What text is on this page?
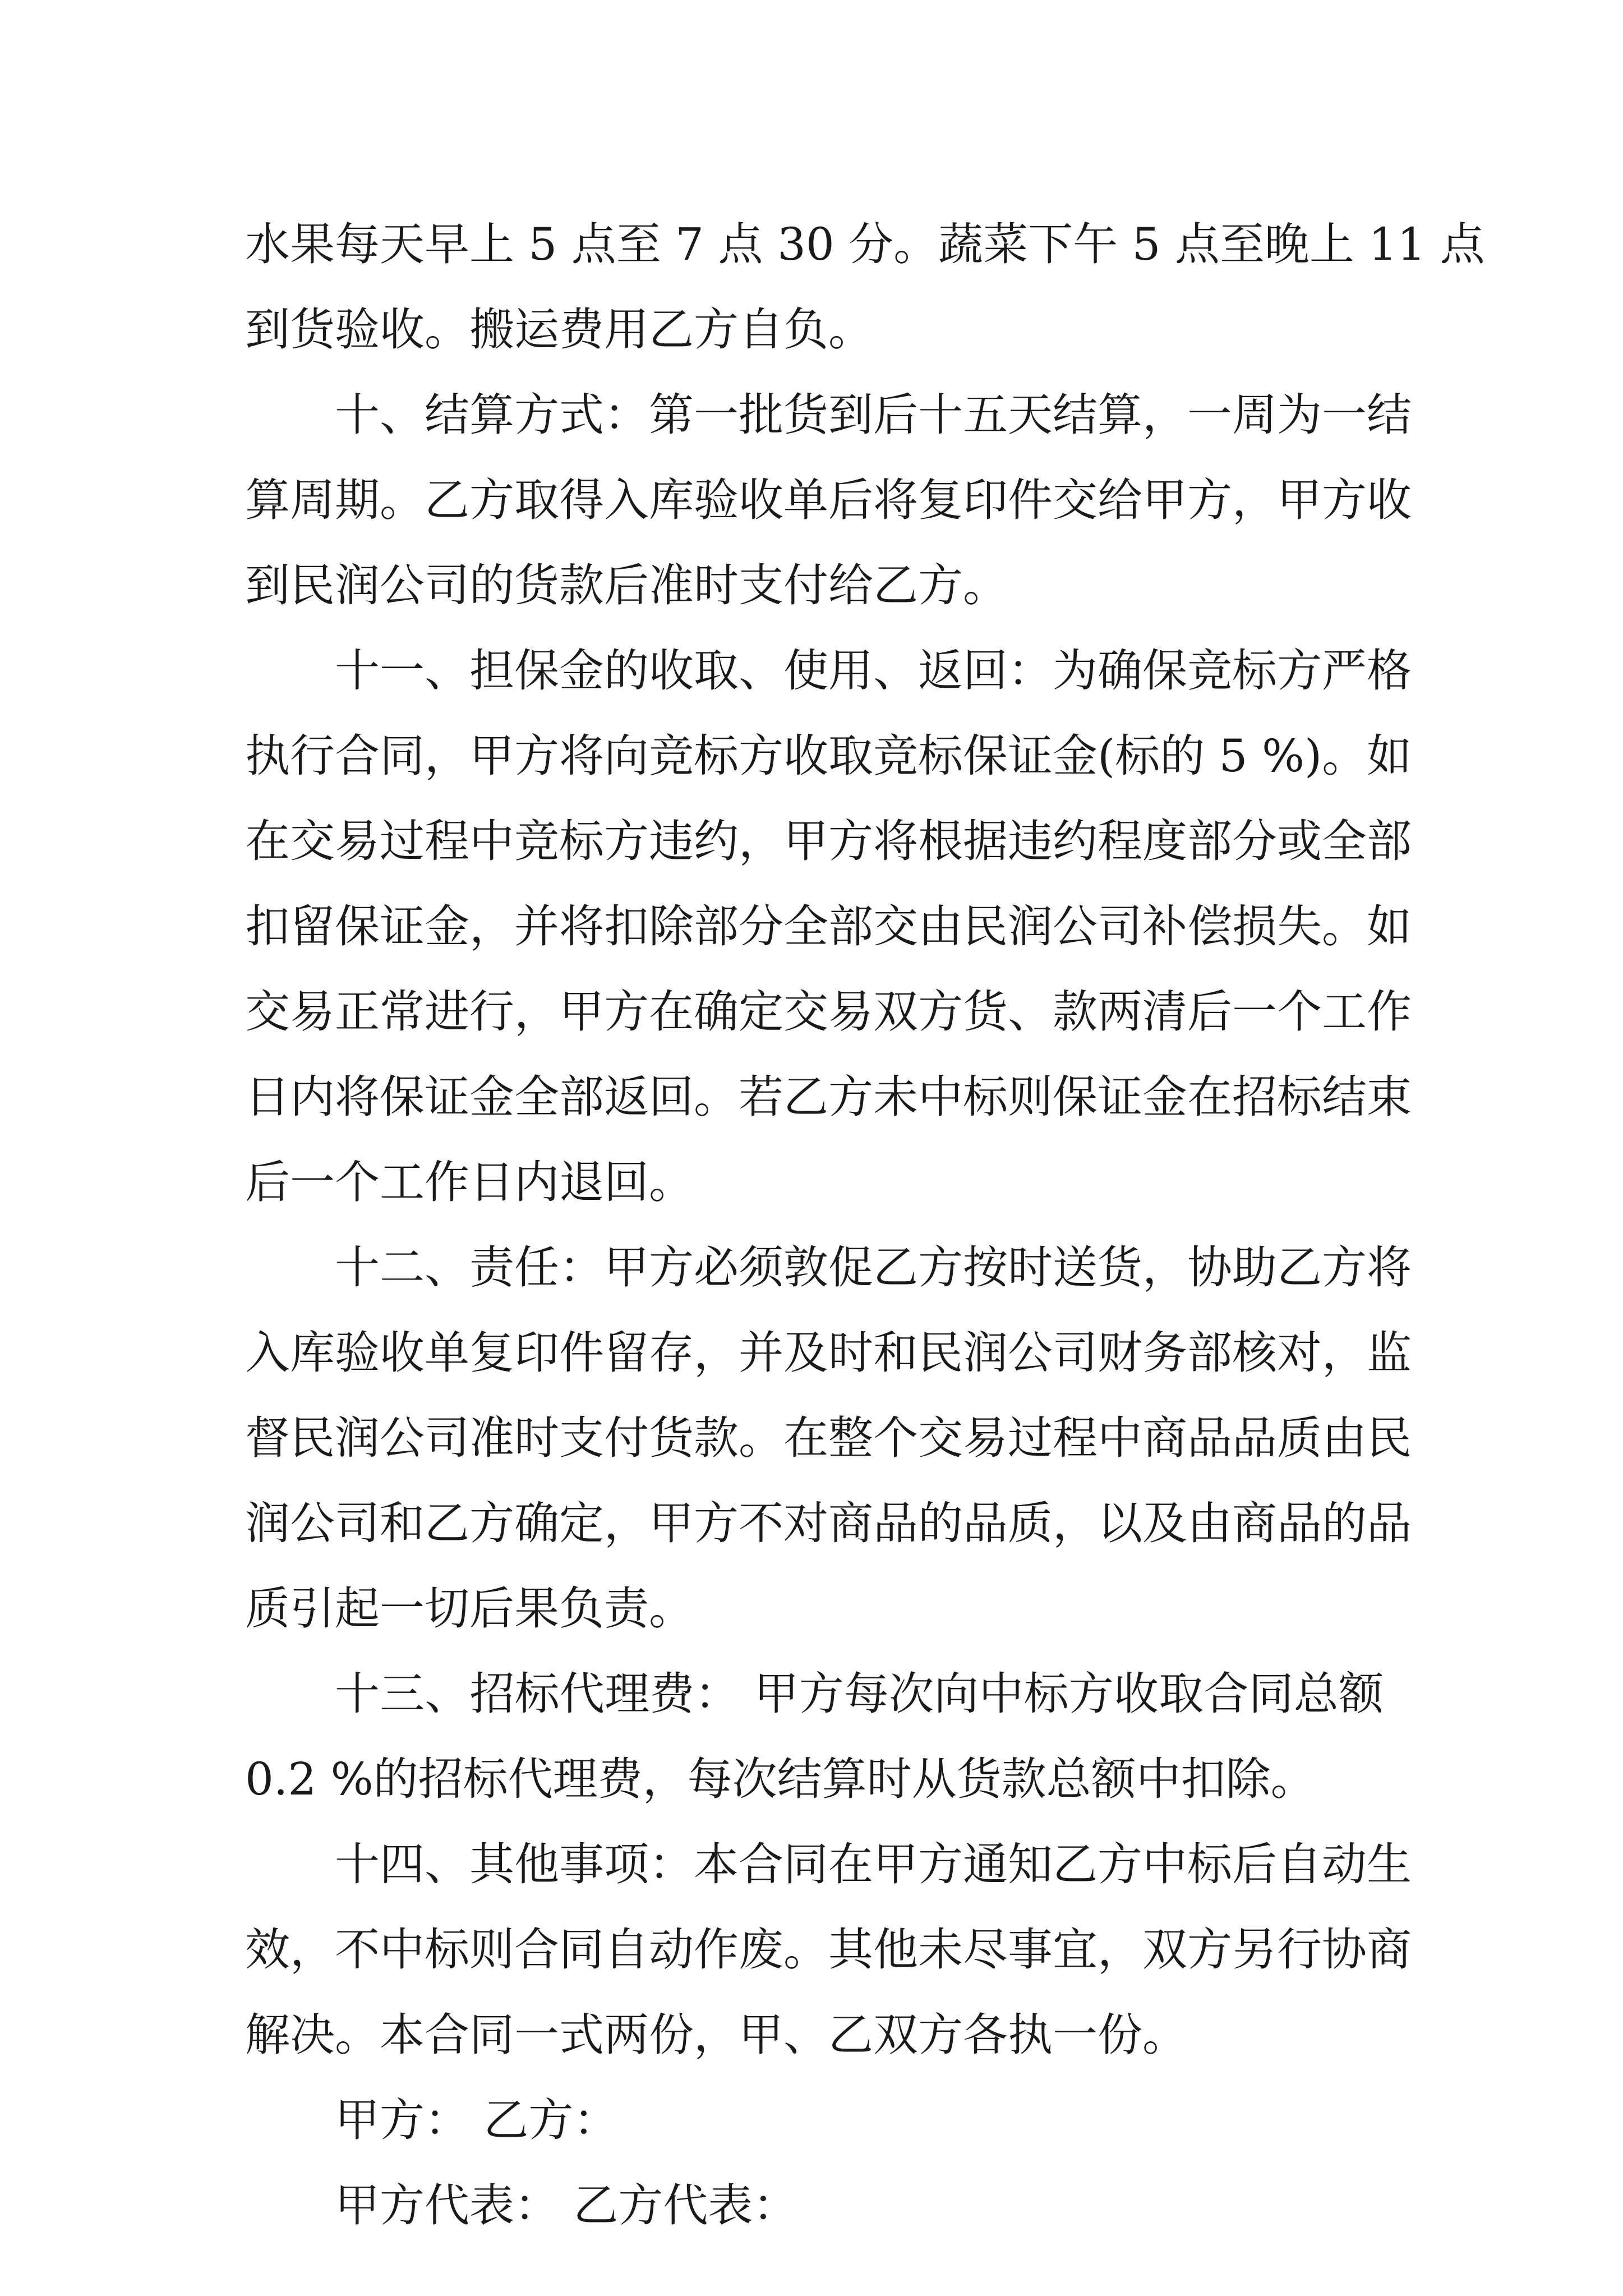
水果每天早上 5 点至 7 点 30 分。蔬菜下午 5 点至晚上 11 点
到货验收。搬运费用乙方自负。
十、结算方式：第一批货到后十五天结算，一周为一结
算周期。乙方取得入库验收单后将复印件交给甲方，甲方收
到民润公司的货款后准时支付给乙方。
十一、担保金的收取、使用、返回：为确保竞标方严格
执行合同，甲方将向竞标方收取竞标保证金(标的 5 %)。如
在交易过程中竞标方违约，甲方将根据违约程度部分或全部
扣留保证金，并将扣除部分全部交由民润公司补偿损失。如
交易正常进行，甲方在确定交易双方货、款两清后一个工作
日内将保证金全部返回。若乙方未中标则保证金在招标结束
后一个工作日内退回。
十二、责任：甲方必须敦促乙方按时送货，协助乙方将
入库验收单复印件留存，并及时和民润公司财务部核对，监
督民润公司准时支付货款。在整个交易过程中商品品质由民
润公司和乙方确定，甲方不对商品的品质，以及由商品的品
质引起一切后果负责。
十三、招标代理费： 甲方每次向中标方收取合同总额
0.2 %的招标代理费，每次结算时从货款总额中扣除。
十四、其他事项：本合同在甲方通知乙方中标后自动生
效，不中标则合同自动作废。其他未尽事宜，双方另行协商
解决。本合同一式两份，甲、乙双方各执一份。
甲方： 乙方：
甲方代表： 乙方代表：
